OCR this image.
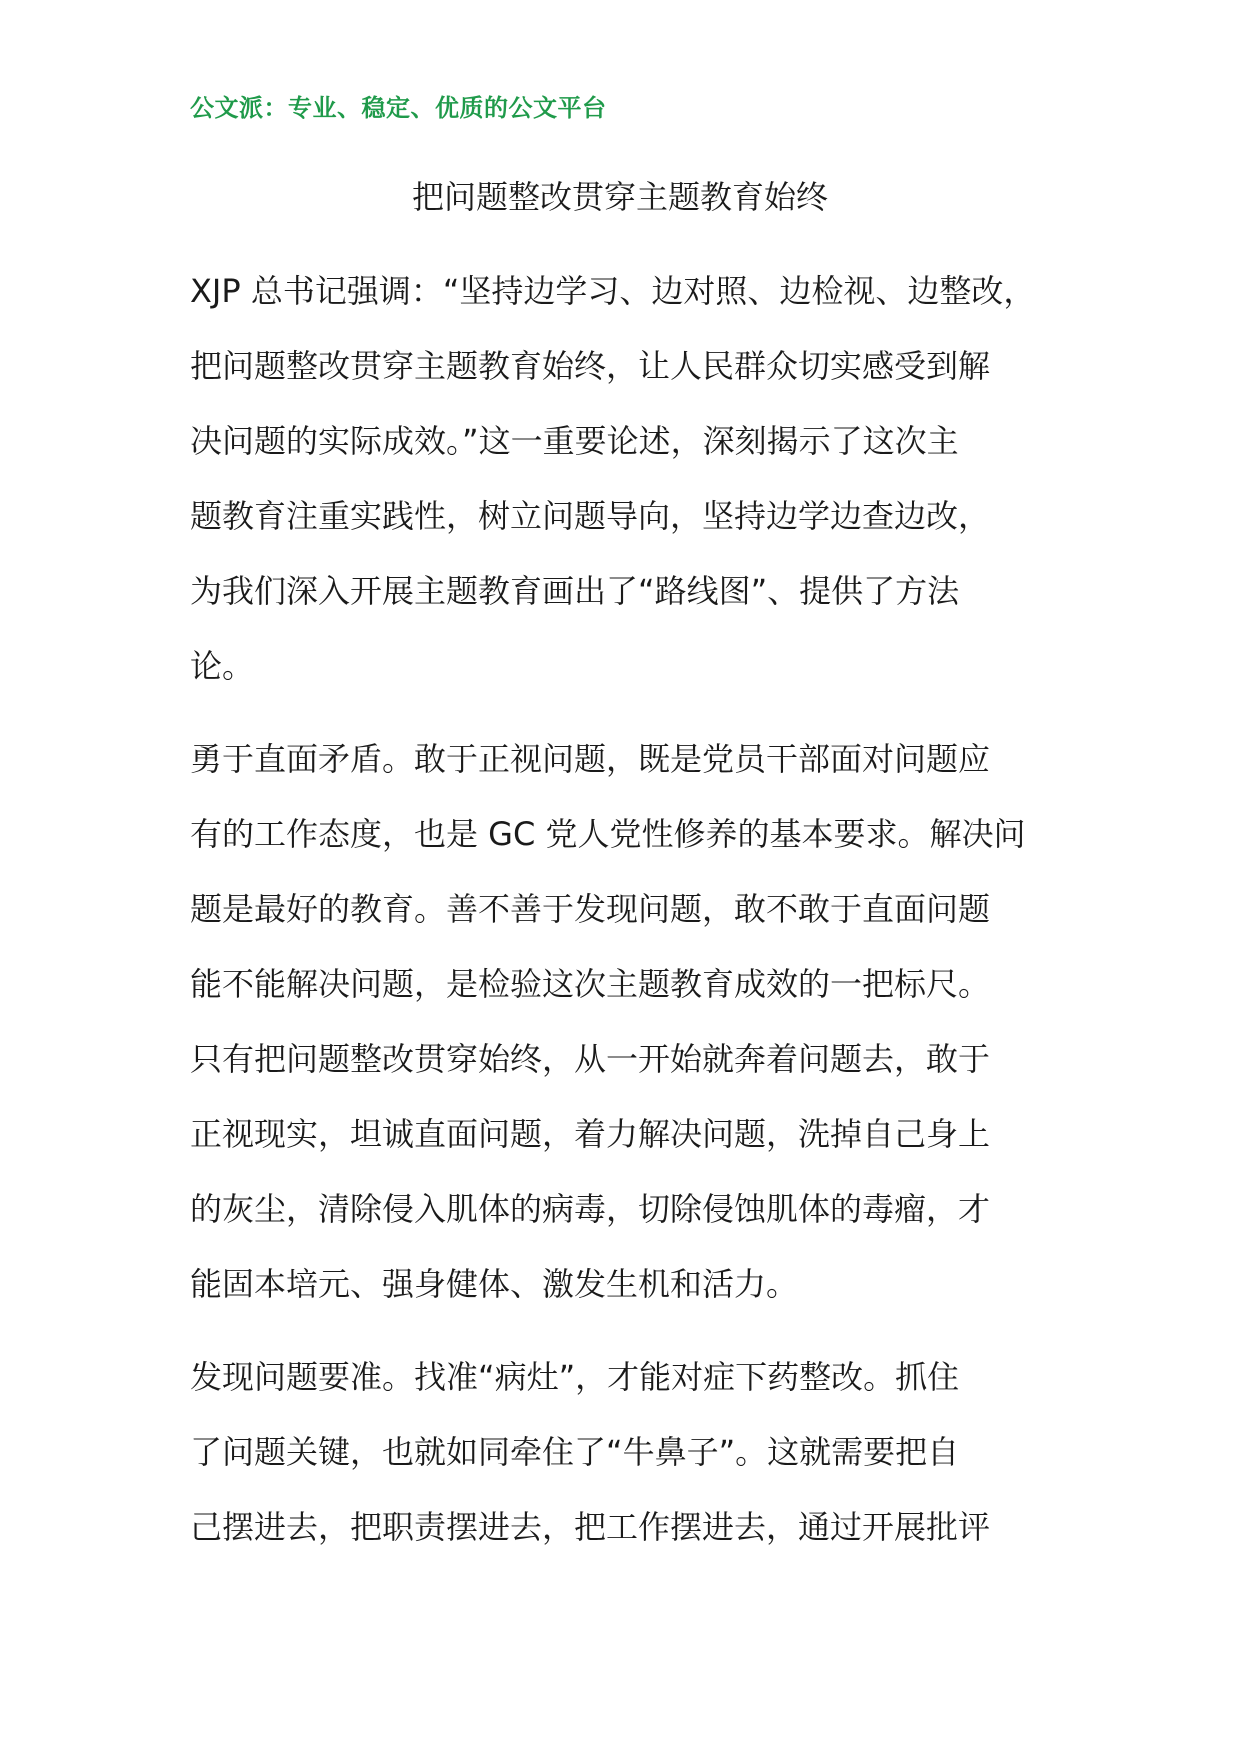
公文派：专业、稳定、优质的公文平台
把问题整改贯穿主题教育始终
XJP 总书记强调：“坚持边学习、边对照、边检视、边整改，
把问题整改贯穿主题教育始终，让人民群众切实感受到解
决问题的实际成效。”这一重要论述，深刻揭示了这次主
题教育注重实践性，树立问题导向，坚持边学边查边改，
为我们深入开展主题教育画出了“路线图”、提供了方法
论。
勇于直面矛盾。敢于正视问题，既是党员干部面对问题应
有的工作态度，也是 GC 党人党性修养的基本要求。解决问
题是最好的教育。善不善于发现问题，敢不敢于直面问题
能不能解决问题，是检验这次主题教育成效的一把标尺。
只有把问题整改贯穿始终，从一开始就奔着问题去，敢于
正视现实，坦诚直面问题，着力解决问题，洗掉自己身上
的灰尘，清除侵入肌体的病毒，切除侵蚀肌体的毒瘤，才
能固本培元、强身健体、激发生机和活力。
发现问题要准。找准“病灶”，才能对症下药整改。抓住
了问题关键，也就如同牵住了“牛鼻子”。这就需要把自
己摆进去，把职责摆进去，把工作摆进去，通过开展批评
